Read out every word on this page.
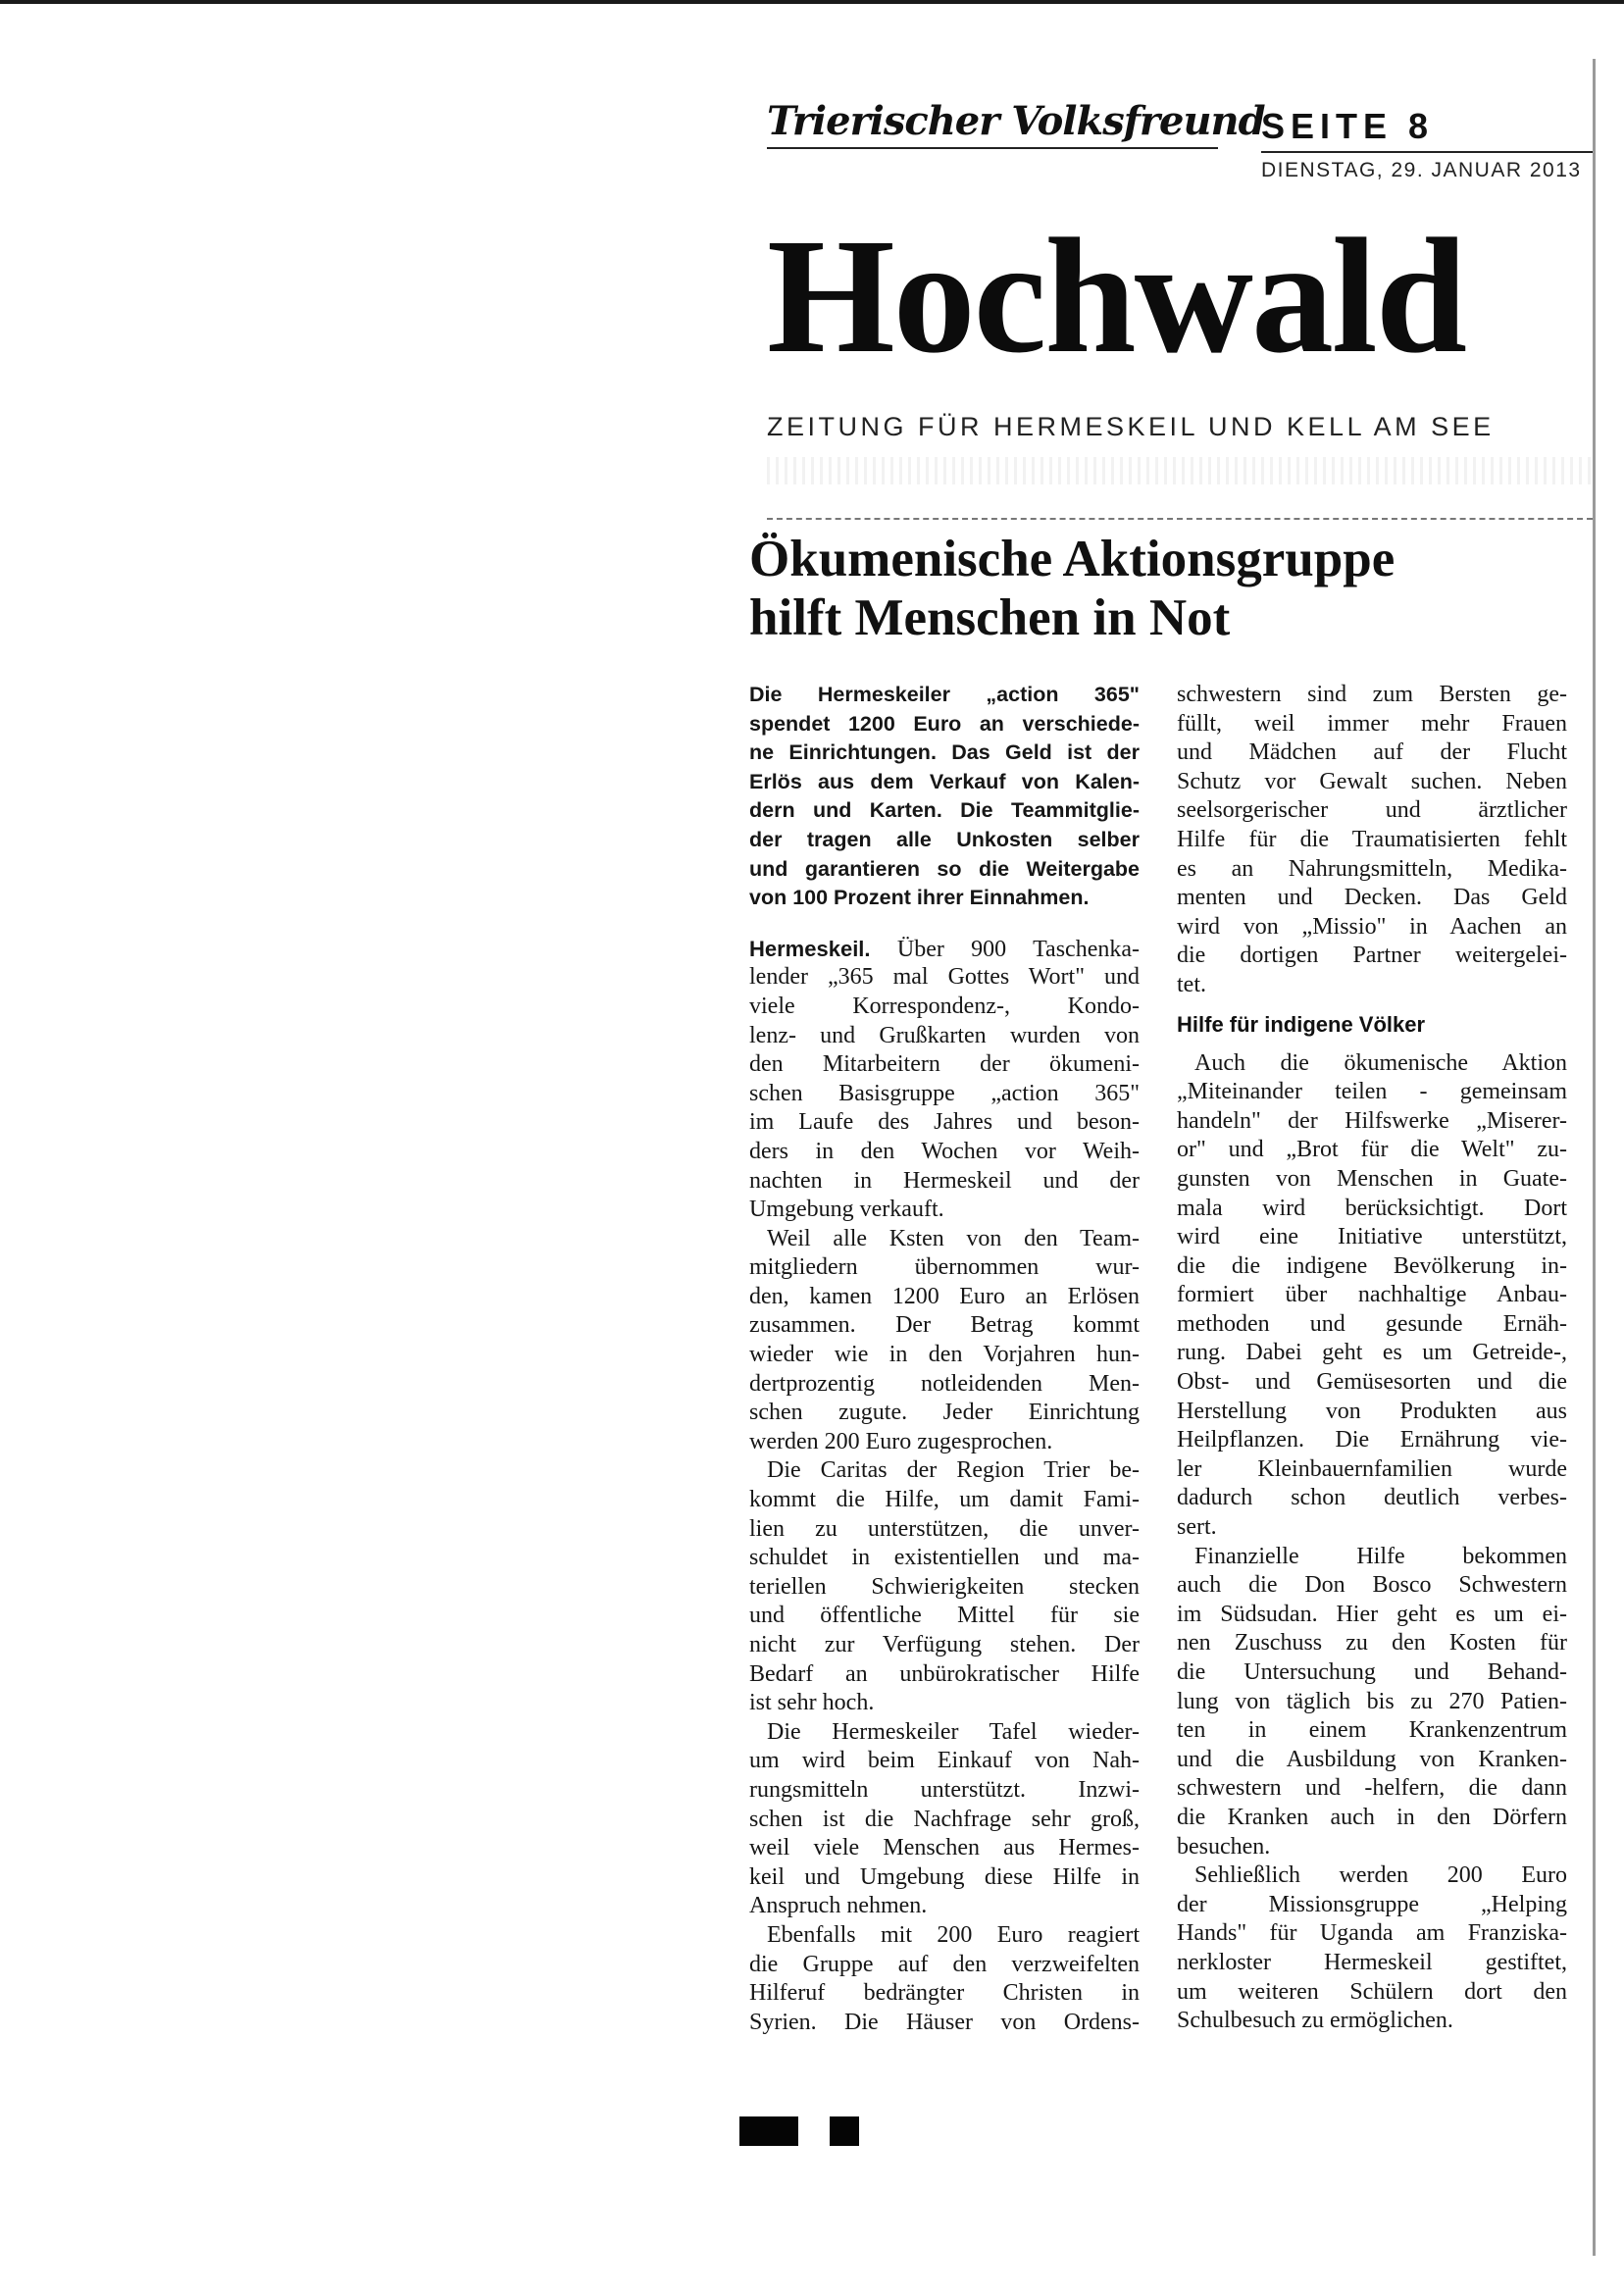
Trierischer Volksfreund
SEITE 8
DIENSTAG, 29. JANUAR 2013
Hochwald
ZEITUNG FÜR HERMESKEIL UND KELL AM SEE
Ökumenische Aktionsgruppe
hilft Menschen in Not
Die Hermeskeiler „action 365"
spendet 1200 Euro an verschiede-
ne Einrichtungen. Das Geld ist der
Erlös aus dem Verkauf von Kalen-
dern und Karten. Die Teammitglie-
der tragen alle Unkosten selber
und garantieren so die Weitergabe
von 100 Prozent ihrer Einnahmen.
Hermeskeil. Über 900 Taschenka-
lender „365 mal Gottes Wort" und
viele Korrespondenz-, Kondo-
lenz- und Grußkarten wurden von
den Mitarbeitern der ökumeni-
schen Basisgruppe „action 365"
im Laufe des Jahres und beson-
ders in den Wochen vor Weih-
nachten in Hermeskeil und der
Umgebung verkauft.
Weil alle Ksten von den Team-
mitgliedern übernommen wur-
den, kamen 1200 Euro an Erlösen
zusammen. Der Betrag kommt
wieder wie in den Vorjahren hun-
dertprozentig notleidenden Men-
schen zugute. Jeder Einrichtung
werden 200 Euro zugesprochen.
Die Caritas der Region Trier be-
kommt die Hilfe, um damit Fami-
lien zu unterstützen, die unver-
schuldet in existentiellen und ma-
teriellen Schwierigkeiten stecken
und öffentliche Mittel für sie
nicht zur Verfügung stehen. Der
Bedarf an unbürokratischer Hilfe
ist sehr hoch.
Die Hermeskeiler Tafel wieder-
um wird beim Einkauf von Nah-
rungsmitteln unterstützt. Inzwi-
schen ist die Nachfrage sehr groß,
weil viele Menschen aus Hermes-
keil und Umgebung diese Hilfe in
Anspruch nehmen.
Ebenfalls mit 200 Euro reagiert
die Gruppe auf den verzweifelten
Hilferuf bedrängter Christen in
Syrien. Die Häuser von Ordens-
schwestern sind zum Bersten ge-
füllt, weil immer mehr Frauen
und Mädchen auf der Flucht
Schutz vor Gewalt suchen. Neben
seelsorgerischer und ärztlicher
Hilfe für die Traumatisierten fehlt
es an Nahrungsmitteln, Medika-
menten und Decken. Das Geld
wird von „Missio" in Aachen an
die dortigen Partner weitergelei-
tet.
Hilfe für indigene Völker
Auch die ökumenische Aktion
„Miteinander teilen - gemeinsam
handeln" der Hilfswerke „Miserer-
or" und „Brot für die Welt" zu-
gunsten von Menschen in Guate-
mala wird berücksichtigt. Dort
wird eine Initiative unterstützt,
die die indigene Bevölkerung in-
formiert über nachhaltige Anbau-
methoden und gesunde Ernäh-
rung. Dabei geht es um Getreide-,
Obst- und Gemüsesorten und die
Herstellung von Produkten aus
Heilpflanzen. Die Ernährung vie-
ler Kleinbauernfamilien wurde
dadurch schon deutlich verbes-
sert.
Finanzielle Hilfe bekommen
auch die Don Bosco Schwestern
im Südsudan. Hier geht es um ei-
nen Zuschuss zu den Kosten für
die Untersuchung und Behand-
lung von täglich bis zu 270 Patien-
ten in einem Krankenzentrum
und die Ausbildung von Kranken-
schwestern und -helfern, die dann
die Kranken auch in den Dörfern
besuchen.
Sehließlich werden 200 Euro
der Missionsgruppe „Helping
Hands" für Uganda am Franziska-
nerkloster Hermeskeil gestiftet,
um weiteren Schülern dort den
Schulbesuch zu ermöglichen.
